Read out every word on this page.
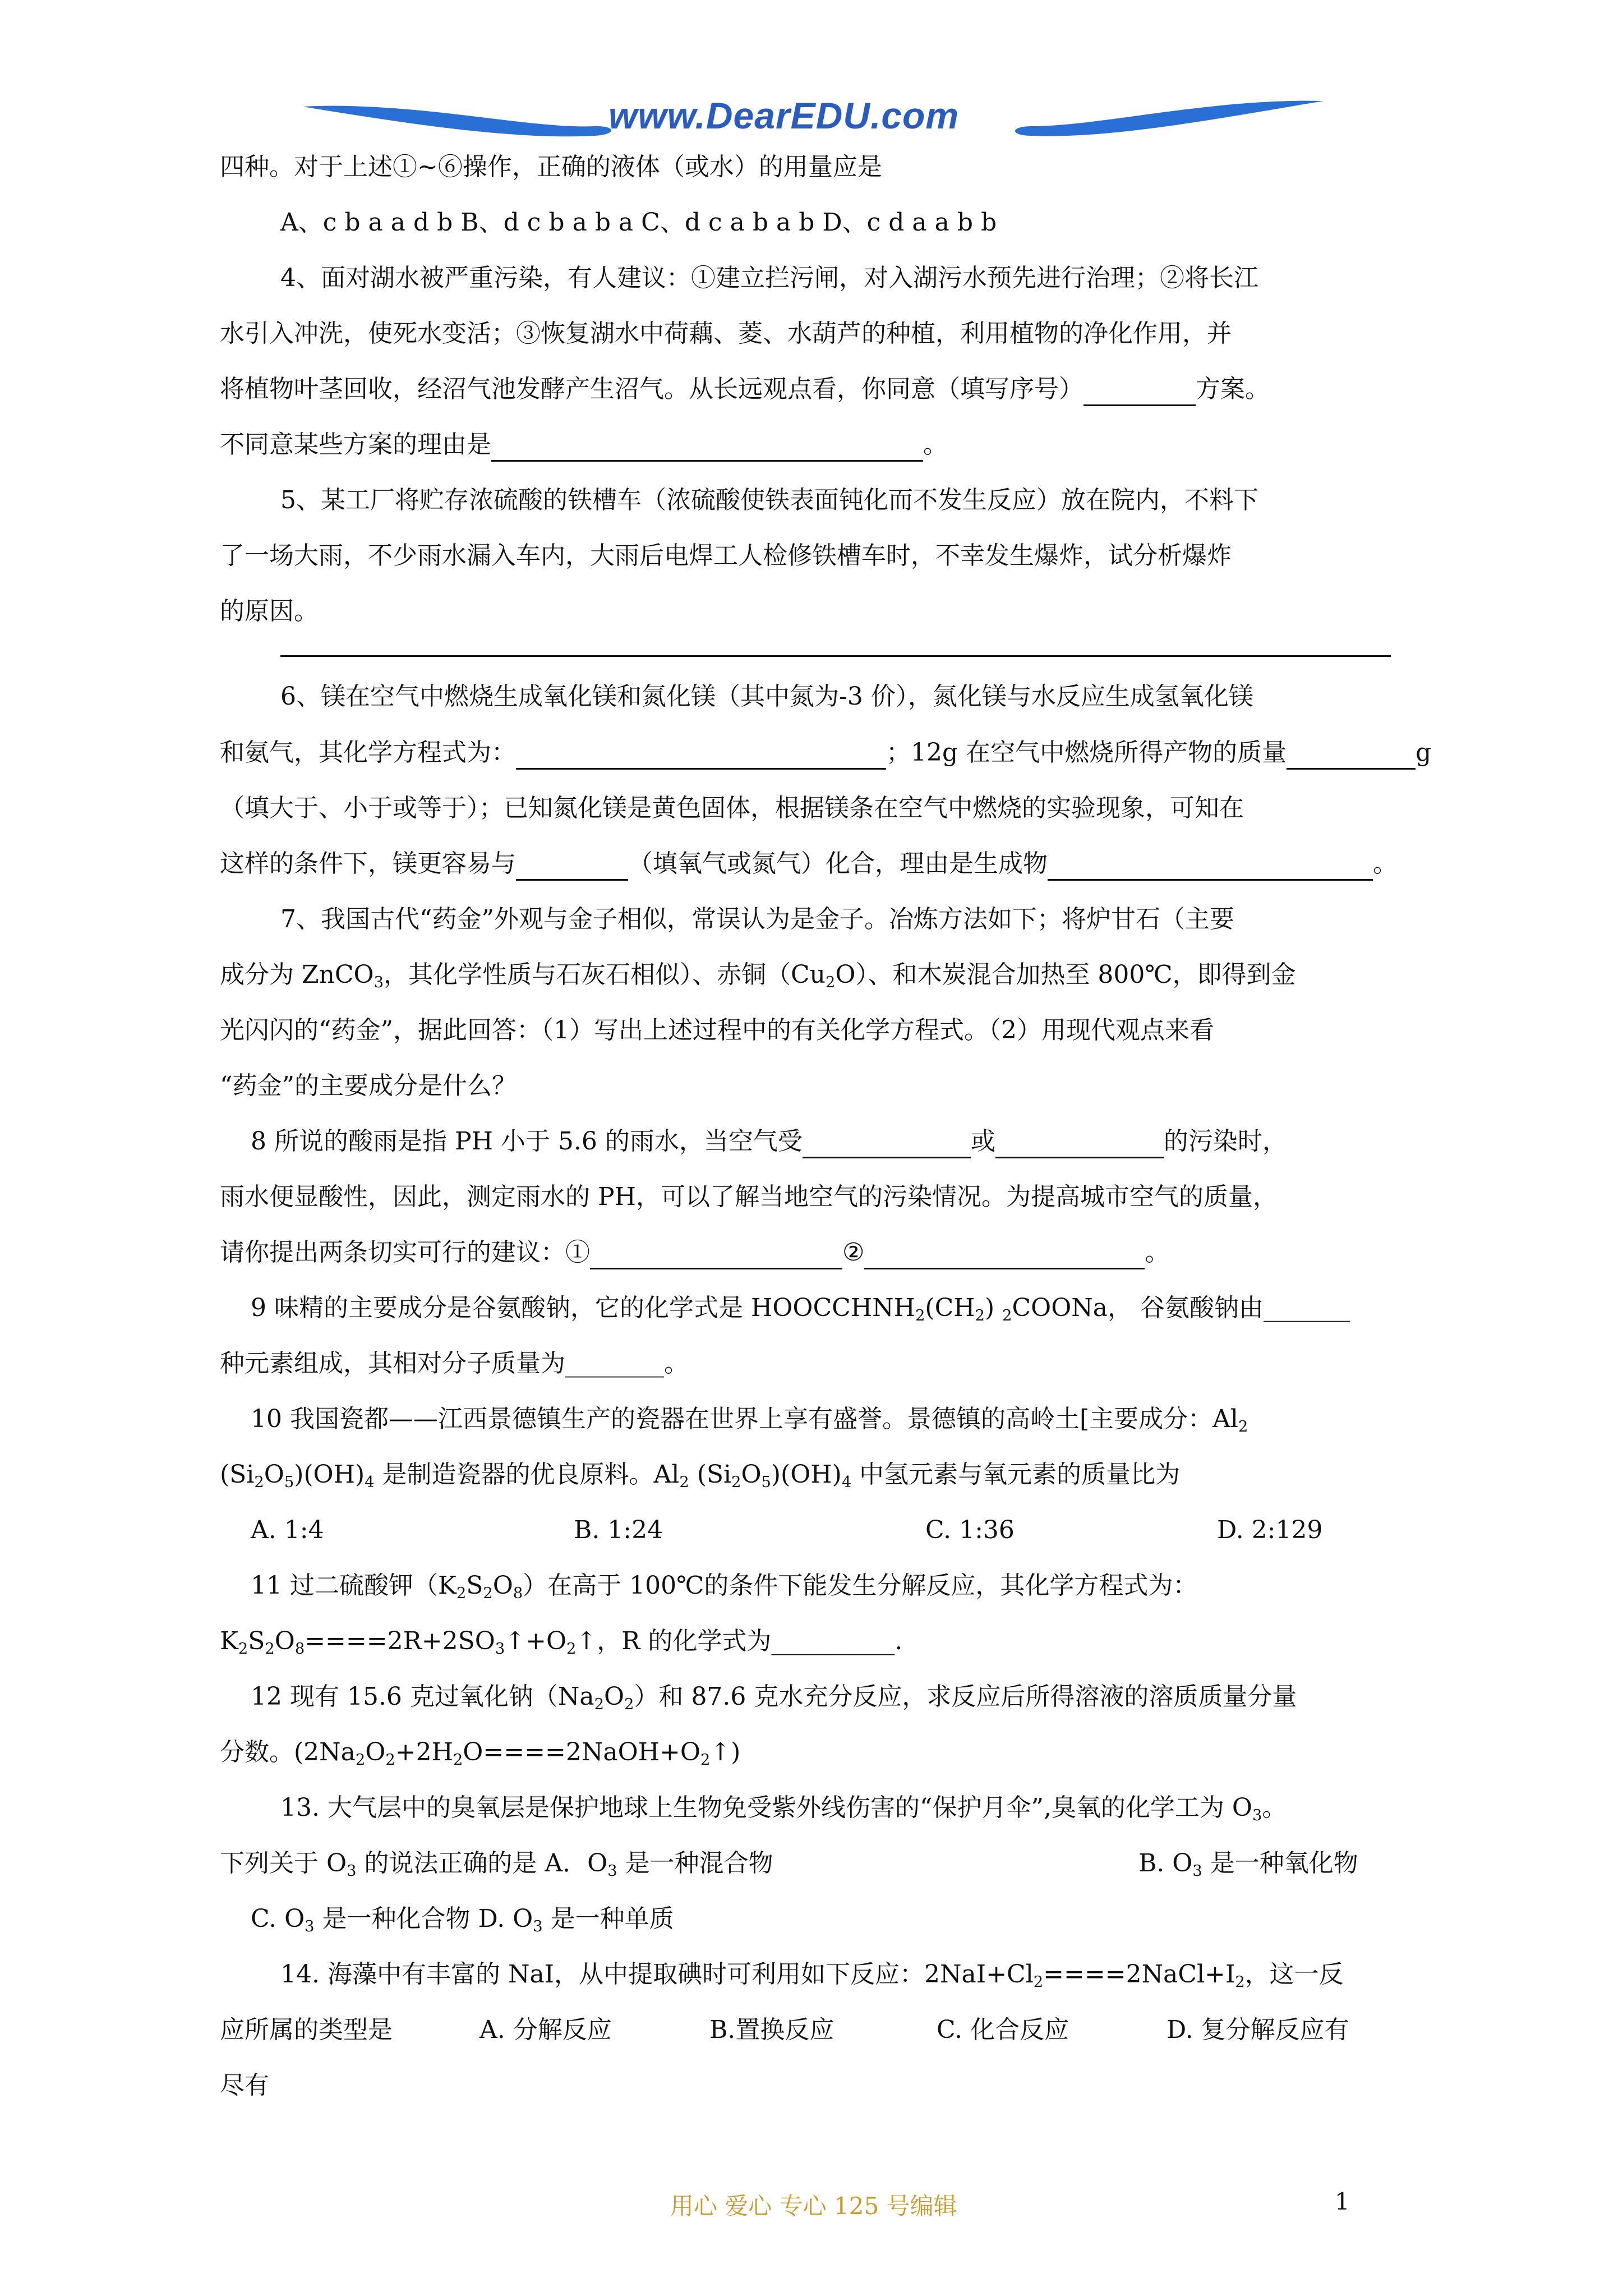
www.DearEDU.com
四种。对于上述①~⑥操作，正确的液体（或水）的用量应是
A、c b a a d b B、d c b a b a C、d c a b a b D、c d a a b b
4、面对湖水被严重污染，有人建议：①建立拦污闸，对入湖污水预先进行治理；②将长江
水引入冲洗，使死水变活；③恢复湖水中荷藕、菱、水葫芦的种植，利用植物的净化作用，并
将植物叶茎回收，经沼气池发酵产生沼气。从长远观点看，你同意（填写序号）	方案。
不同意某些方案的理由是	。
5、某工厂将贮存浓硫酸的铁槽车（浓硫酸使铁表面钝化而不发生反应）放在院内，不料下
了一场大雨，不少雨水漏入车内，大雨后电焊工人检修铁槽车时，不幸发生爆炸，试分析爆炸
的原因。
6、镁在空气中燃烧生成氧化镁和氮化镁（其中氮为-3 价），氮化镁与水反应生成氢氧化镁
和氨气，其化学方程式为：	；12g 在空气中燃烧所得产物的质量	g
（填大于、小于或等于）；已知氮化镁是黄色固体，根据镁条在空气中燃烧的实验现象，可知在
这样的条件下，镁更容易与	（填氧气或氮气）化合，理由是生成物	。
7、我国古代“药金”外观与金子相似，常误认为是金子。冶炼方法如下；将炉甘石（主要
成分为 ZnCO$_3$，其化学性质与石灰石相似）、赤铜$(Cu_2O)$、和木炭混合加热至 800℃，即得到金
光闪闪的“药金”，据此回答：（1）写出上述过程中的有关化学方程式。（2）用现代观点来看
“药金”的主要成分是什么？
8 所说的酸雨是指 PH 小于 5.6 的雨水，当空气受	或	的污染时，
雨水便显酸性，因此，测定雨水的 PH，可以了解当地空气的污染情况。为提高城市空气的质量，
请你提出两条切实可行的建议：①	②	。
9 味精的主要成分是谷氨酸钠，它的化学式是 $HOOCCHNH_2(CH_2)$ $_2$COONa， 谷氨酸钠由_______
种元素组成，其相对分子质量为________。
10 我国瓷都——江西景德镇生产的瓷器在世界上享有盛誉。景德镇的高岭土[主要成分：$Al_2$
$(Si_2O_5)(OH)_4$ 是制造瓷器的优良原料。$Al_2$ $(Si_2O_5)(OH)_4$ 中氢元素与氧元素的质量比为
A. 1:4	B. 1:24	C. 1:36	D. 2:129
11 过二硫酸钾$(K_2S_2O_8)$在高于 100℃的条件下能发生分解反应，其化学方程式为：
$K_2S_2O_8====2R+2SO_3↑+O_2↑$，R 的化学式为__________.
12 现有 15.6 克过氧化钠$(Na_2O_2)$和 87.6 克水充分反应，求反应后所得溶液的溶质质量分量
分数。$(2Na_2O_2+2H_2O====2NaOH+O_2↑)$
13. 大气层中的臭氧层是保护地球上生物免受紫外线伤害的“保护月伞”,臭氧的化学工为 $O_3$。
下列关于 $O_3$ 的说法正确的是 A．$O_3$ 是一种混合物	B. $O_3$ 是一种氧化物
C. $O_3$ 是一种化合物 D. $O_3$ 是一种单质
14. 海藻中有丰富的 NaI，从中提取碘时可利用如下反应：$2NaI+Cl_2====2NaCl+I_2$，这一反
应所属的类型是	A. 分解反应	B.置换反应	C. 化合反应	D. 复分解反应有
尽有
用心 爱心 专心 125 号编辑	1
